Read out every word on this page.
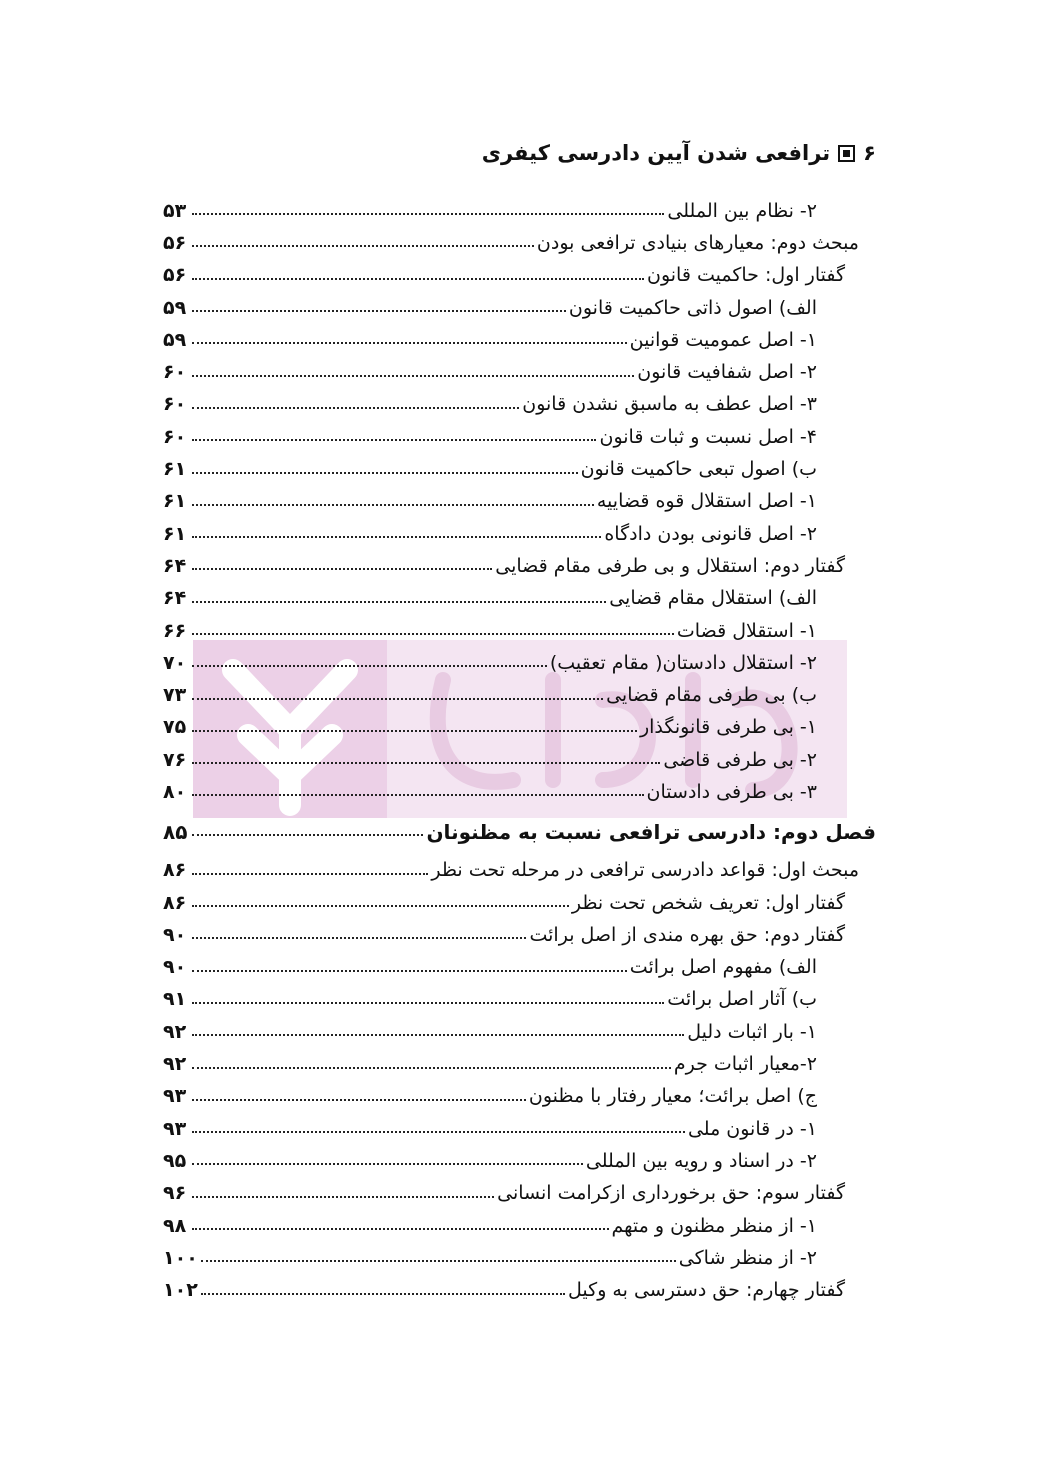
۶
ترافعی شدن آیین دادرسی کیفری
۲- نظام بین المللی
۵۳
مبحث دوم: معیارهای بنیادی ترافعی بودن
۵۶
گفتار اول: حاکمیت قانون
۵۶
الف) اصول ذاتی حاکمیت قانون
۵۹
۱- اصل عمومیت قوانین
۵۹
۲- اصل شفافیت قانون
۶۰
۳- اصل عطف به ماسبق نشدن قانون
۶۰
۴- اصل نسبت و ثبات قانون
۶۰
ب) اصول تبعی حاکمیت قانون
۶۱
۱- اصل استقلال قوه قضاییه
۶۱
۲- اصل قانونی بودن دادگاه
۶۱
گفتار دوم: استقلال و بی طرفی مقام قضایی
۶۴
الف) استقلال مقام قضایی
۶۴
۱- استقلال قضات
۶۶
۲- استقلال دادستان( مقام تعقیب)
۷۰
ب) بی طرفی مقام قضایی
۷۳
۱- بی طرفی قانونگذار
۷۵
۲- بی طرفی قاضی
۷۶
۳- بی طرفی دادستان
۸۰
فصل دوم: دادرسی ترافعی نسبت به مظنونان
۸۵
مبحث اول: قواعد دادرسی ترافعی در مرحله تحت نظر
۸۶
گفتار اول: تعریف شخص تحت نظر
۸۶
گفتار دوم: حق بهره مندی از اصل برائت
۹۰
الف) مفهوم اصل برائت
۹۰
ب) آثار اصل برائت
۹۱
۱- بار اثبات دلیل
۹۲
۲-معیار اثبات جرم
۹۲
ج) اصل برائت؛ معیار رفتار با مظنون
۹۳
۱- در قانون ملی
۹۳
۲- در اسناد و رویه بین المللی
۹۵
گفتار سوم: حق برخورداری ازکرامت انسانی
۹۶
۱- از منظر مظنون و متهم
۹۸
۲- از منظر شاکی
۱۰۰
گفتار چهارم: حق دسترسی به وکیل
۱۰۲
